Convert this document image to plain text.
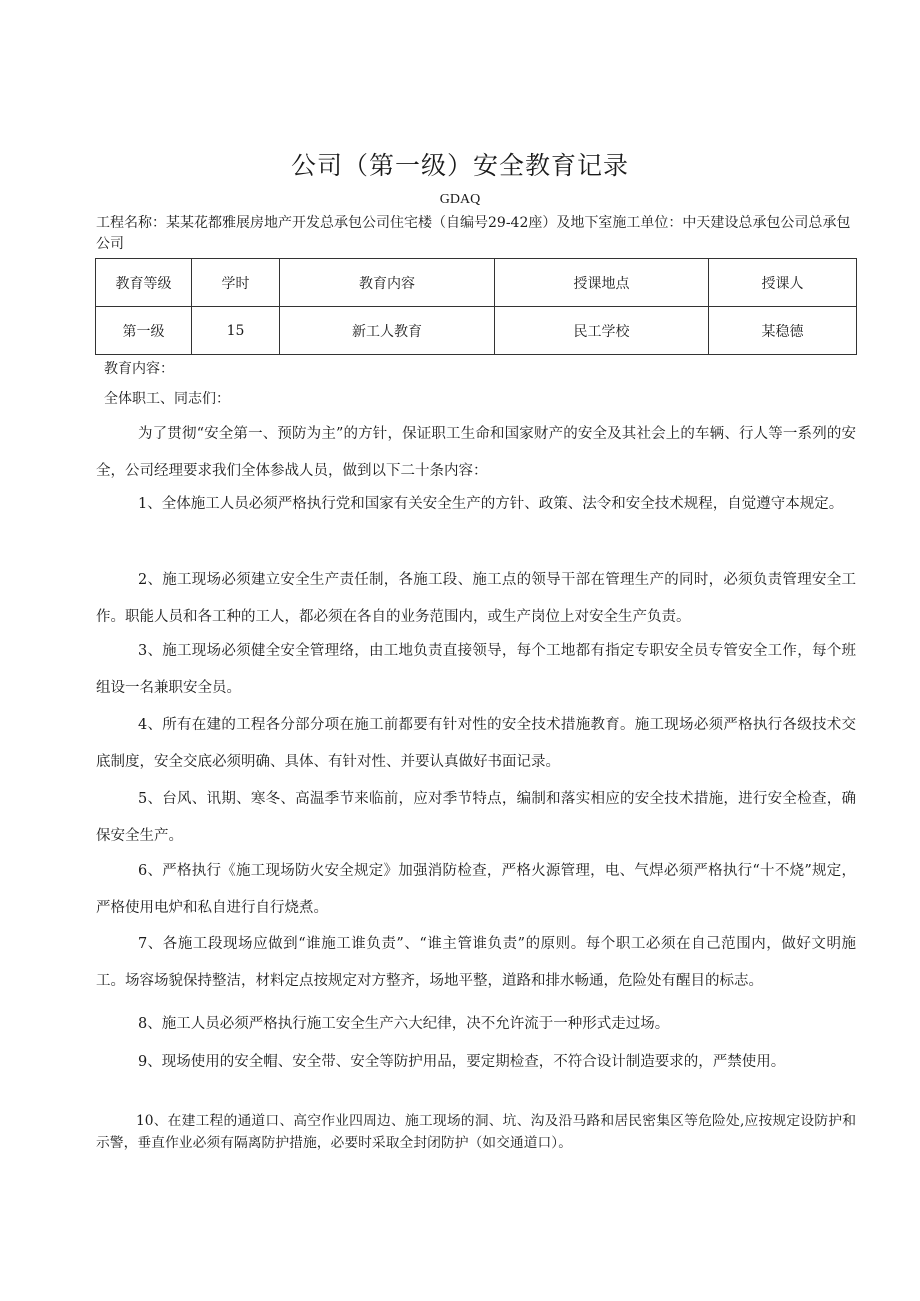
公司（第一级）安全教育记录
GDAQ
工程名称：某某花都雅展房地产开发总承包公司住宅楼（自编号29-42座）及地下室施工单位：中天建设总承包公司总承包公司
教育等级	学时	教育内容	授课地点	授课人
第一级	15	新工人教育	民工学校	某稳德
教育内容：
全体职工、同志们：
为了贯彻“安全第一、预防为主”的方针，保证职工生命和国家财产的安全及其社会上的车辆、行人等一系列的安全，公司经理要求我们全体参战人员，做到以下二十条内容：
1、全体施工人员必须严格执行党和国家有关安全生产的方针、政策、法令和安全技术规程，自觉遵守本规定。
2、施工现场必须建立安全生产责任制，各施工段、施工点的领导干部在管理生产的同时，必须负责管理安全工作。职能人员和各工种的工人，都必须在各自的业务范围内，或生产岗位上对安全生产负责。
3、施工现场必须健全安全管理络，由工地负责直接领导，每个工地都有指定专职安全员专管安全工作，每个班组设一名兼职安全员。
4、所有在建的工程各分部分项在施工前都要有针对性的安全技术措施教育。施工现场必须严格执行各级技术交底制度，安全交底必须明确、具体、有针对性、并要认真做好书面记录。
5、台风、讯期、寒冬、高温季节来临前，应对季节特点，编制和落实相应的安全技术措施，进行安全检查，确保安全生产。
6、严格执行《施工现场防火安全规定》加强消防检查，严格火源管理，电、气焊必须严格执行“十不烧”规定，严格使用电炉和私自进行自行烧煮。
7、各施工段现场应做到“谁施工谁负责”、“谁主管谁负责”的原则。每个职工必须在自己范围内，做好文明施工。场容场貌保持整洁，材料定点按规定对方整齐，场地平整，道路和排水畅通，危险处有醒目的标志。
8、施工人员必须严格执行施工安全生产六大纪律，决不允许流于一种形式走过场。
9、现场使用的安全帽、安全带、安全等防护用品，要定期检查，不符合设计制造要求的，严禁使用。
10、在建工程的通道口、高空作业四周边、施工现场的洞、坑、沟及沿马路和居民密集区等危险处,应按规定设防护和示警，垂直作业必须有隔离防护措施，必要时采取全封闭防护（如交通道口）。
